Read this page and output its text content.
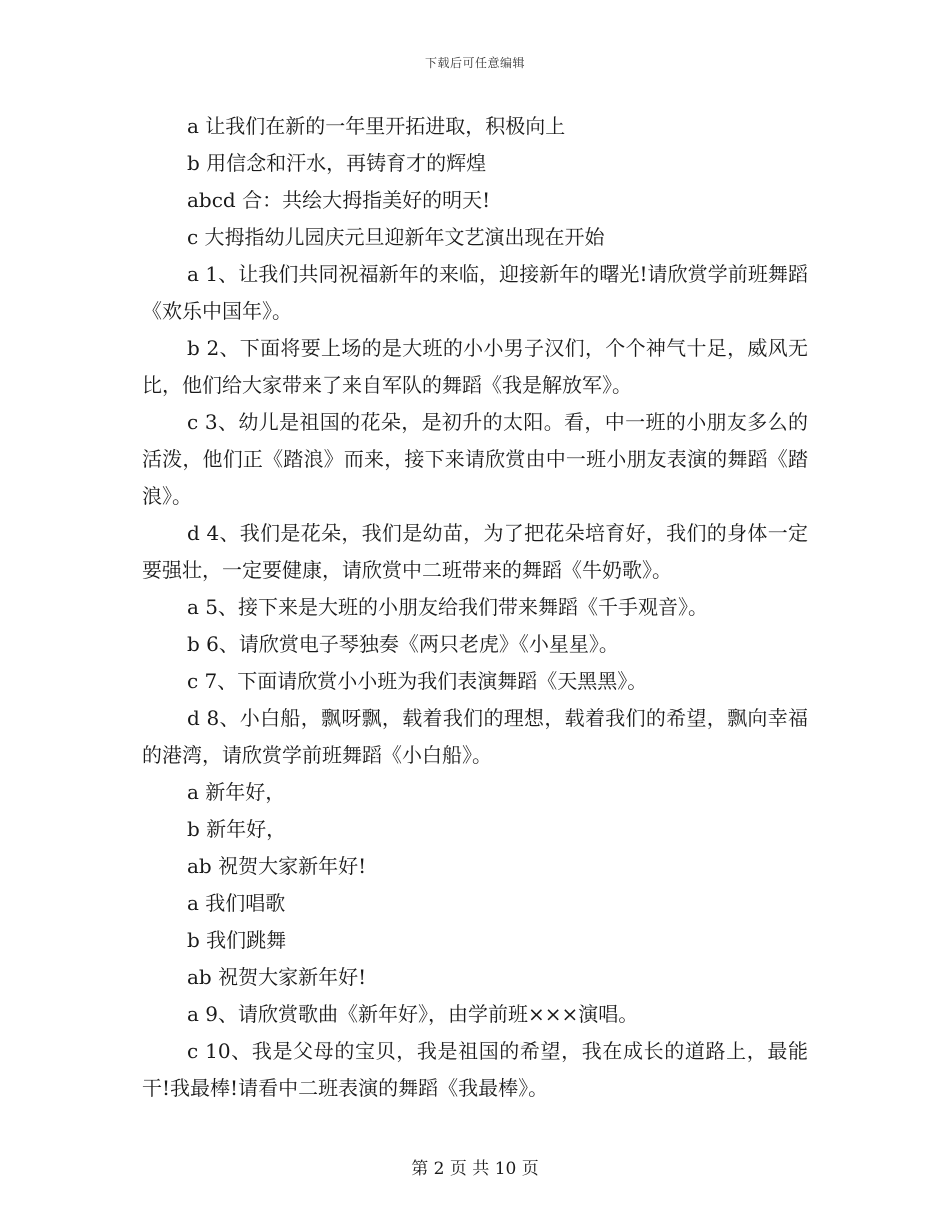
下载后可任意编辑

a 让我们在新的一年里开拓进取，积极向上

b 用信念和汗水，再铸育才的辉煌

abcd 合：共绘大拇指美好的明天!

c 大拇指幼儿园庆元旦迎新年文艺演出现在开始

a 1、让我们共同祝福新年的来临，迎接新年的曙光!请欣赏学前班舞蹈《欢乐中国年》。

b 2、下面将要上场的是大班的小小男子汉们，个个神气十足，威风无比，他们给大家带来了来自军队的舞蹈《我是解放军》。

c 3、幼儿是祖国的花朵，是初升的太阳。看，中一班的小朋友多么的活泼，他们正《踏浪》而来，接下来请欣赏由中一班小朋友表演的舞蹈《踏浪》。

d 4、我们是花朵，我们是幼苗，为了把花朵培育好，我们的身体一定要强壮，一定要健康，请欣赏中二班带来的舞蹈《牛奶歌》。

a 5、接下来是大班的小朋友给我们带来舞蹈《千手观音》。

b 6、请欣赏电子琴独奏《两只老虎》《小星星》。

c 7、下面请欣赏小小班为我们表演舞蹈《天黑黑》。

d 8、小白船，飘呀飘，载着我们的理想，载着我们的希望，飘向幸福的港湾，请欣赏学前班舞蹈《小白船》。

a 新年好，

b 新年好，

ab 祝贺大家新年好!

a 我们唱歌

b 我们跳舞

ab 祝贺大家新年好!

a 9、请欣赏歌曲《新年好》，由学前班×××演唱。

c 10、我是父母的宝贝，我是祖国的希望，我在成长的道路上，最能干!我最棒!请看中二班表演的舞蹈《我最棒》。

第 2 页 共 10 页
